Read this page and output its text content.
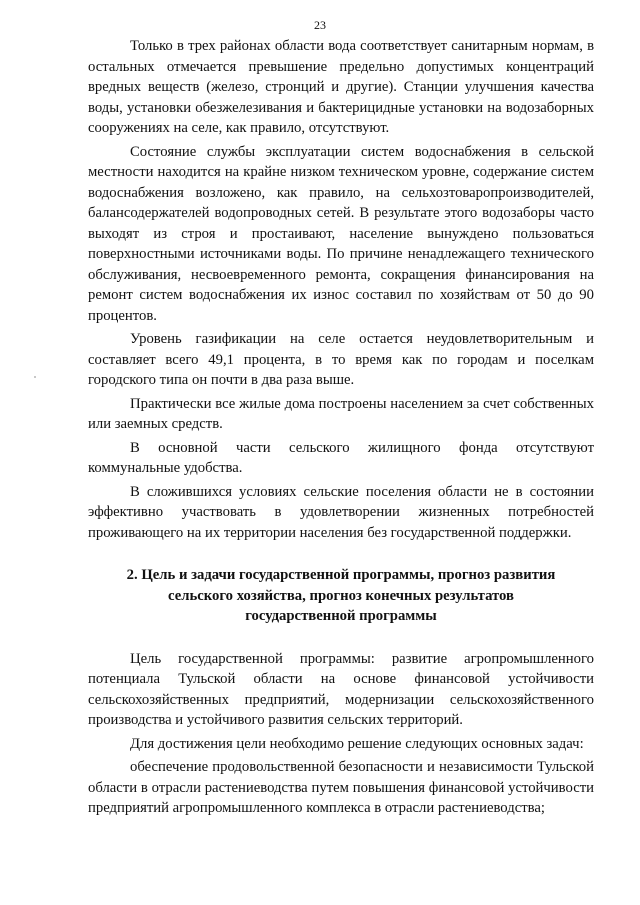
23

Только в трех районах области вода соответствует санитарным нормам, в остальных отмечается превышение предельно допустимых концентраций вредных веществ (железо, стронций и другие). Станции улучшения качества воды, установки обезжелезивания и бактерицидные установки на водозаборных сооружениях на селе, как правило, отсутствуют.

Состояние службы эксплуатации систем водоснабжения в сельской местности находится на крайне низком техническом уровне, содержание систем водоснабжения возложено, как правило, на сельхозтоваропроизводителей, балансодержателей водопроводных сетей. В результате этого водозаборы часто выходят из строя и простаивают, население вынуждено пользоваться поверхностными источниками воды. По причине ненадлежащего технического обслуживания, несвоевременного ремонта, сокращения финансирования на ремонт систем водоснабжения их износ составил по хозяйствам от 50 до 90 процентов.

Уровень газификации на селе остается неудовлетворительным и составляет всего 49,1 процента, в то время как по городам и поселкам городского типа он почти в два раза выше.

Практически все жилые дома построены населением за счет собственных или заемных средств.

В основной части сельского жилищного фонда отсутствуют коммунальные удобства.

В сложившихся условиях сельские поселения области не в состоянии эффективно участвовать в удовлетворении жизненных потребностей проживающего на их территории населения без государственной поддержки.

2. Цель и задачи государственной программы, прогноз развития сельского хозяйства, прогноз конечных результатов государственной программы

Цель государственной программы: развитие агропромышленного потенциала Тульской области на основе финансовой устойчивости сельскохозяйственных предприятий, модернизации сельскохозяйственного производства и устойчивого развития сельских территорий.

Для достижения цели необходимо решение следующих основных задач:

обеспечение продовольственной безопасности и независимости Тульской области в отрасли растениеводства путем повышения финансовой устойчивости предприятий агропромышленного комплекса в отрасли растениеводства;
